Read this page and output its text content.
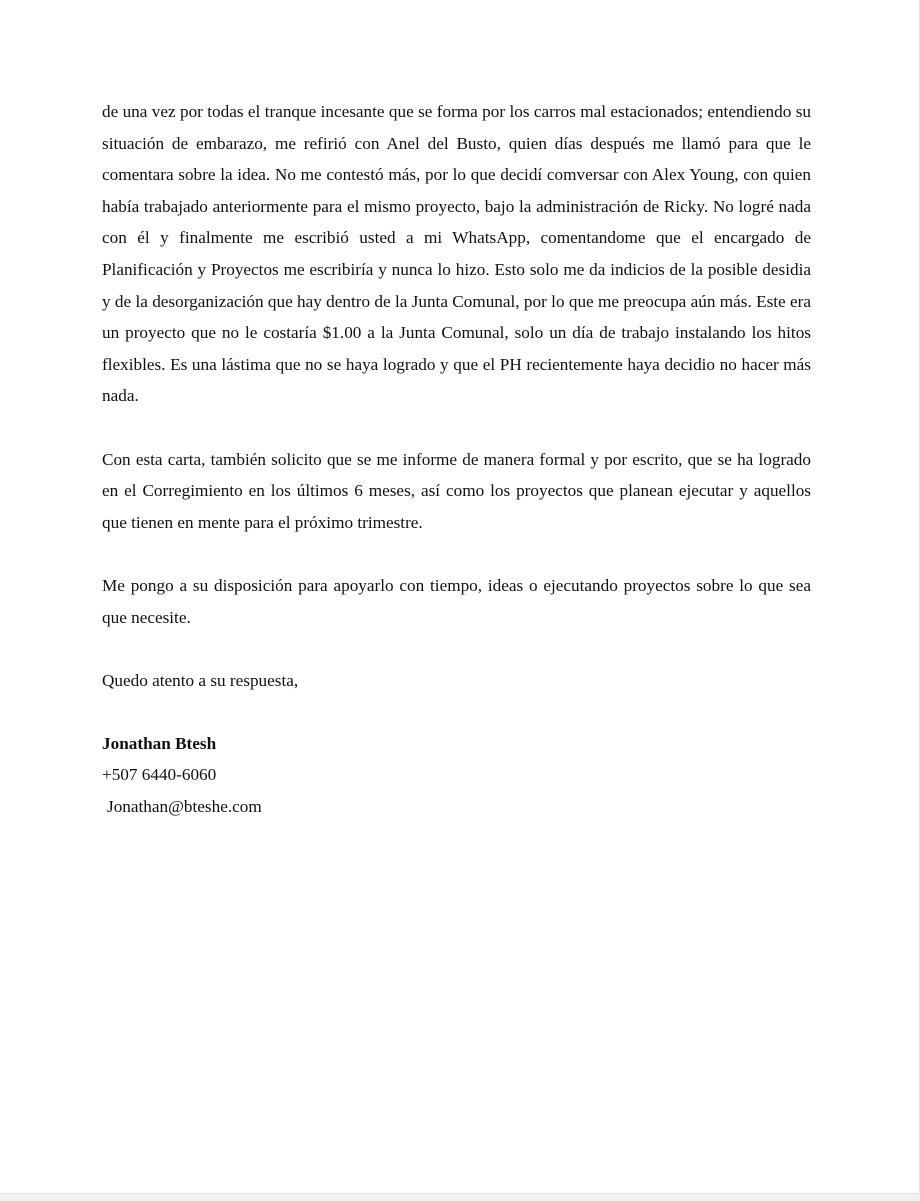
de una vez por todas el tranque incesante que se forma por los carros mal estacionados; entendiendo su situación de embarazo, me refirió con Anel del Busto, quien días después me llamó para que le comentara sobre la idea. No me contestó más, por lo que decidí comversar con Alex Young, con quien había trabajado anteriormente para el mismo proyecto, bajo la administración de Ricky. No logré nada con él y finalmente me escribió usted a mi WhatsApp, comentandome que el encargado de Planificación y Proyectos me escribiría y nunca lo hizo. Esto solo me da indicios de la posible desidia y de la desorganización que hay dentro de la Junta Comunal, por lo que me preocupa aún más. Este era un proyecto que no le costaría $1.00 a la Junta Comunal, solo un día de trabajo instalando los hitos flexibles. Es una lástima que no se haya logrado y que el PH recientemente haya decidio no hacer más nada.

Con esta carta, también solicito que se me informe de manera formal y por escrito, que se ha logrado en el Corregimiento en los últimos 6 meses, así como los proyectos que planean ejecutar y aquellos que tienen en mente para el próximo trimestre.

Me pongo a su disposición para apoyarlo con tiempo, ideas o ejecutando proyectos sobre lo que sea que necesite.

Quedo atento a su respuesta,

Jonathan Btesh

+507 6440-6060

Jonathan@bteshe.com
